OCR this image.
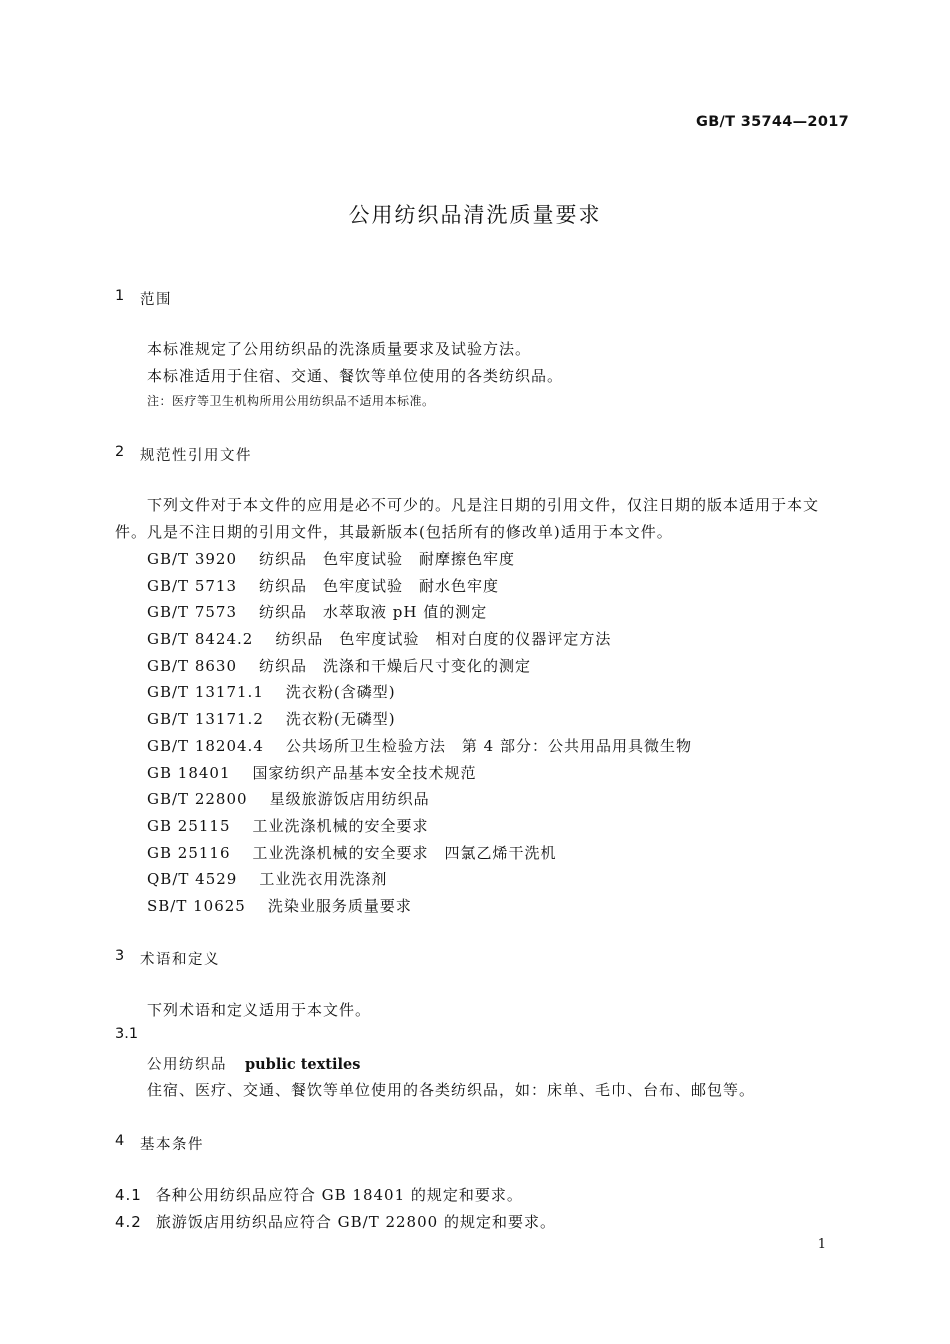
GB/T 35744—2017
公用纺织品清洗质量要求
1 范围
本标准规定了公用纺织品的洗涤质量要求及试验方法。
本标准适用于住宿、交通、餐饮等单位使用的各类纺织品。
注：医疗等卫生机构所用公用纺织品不适用本标准。
2 规范性引用文件
下列文件对于本文件的应用是必不可少的。凡是注日期的引用文件，仅注日期的版本适用于本文
件。凡是不注日期的引用文件，其最新版本(包括所有的修改单)适用于本文件。
GB/T 3920 纺织品　色牢度试验　耐摩擦色牢度
GB/T 5713 纺织品　色牢度试验　耐水色牢度
GB/T 7573 纺织品　水萃取液 pH 值的测定
GB/T 8424.2 纺织品　色牢度试验　相对白度的仪器评定方法
GB/T 8630 纺织品　洗涤和干燥后尺寸变化的测定
GB/T 13171.1 洗衣粉(含磷型)
GB/T 13171.2 洗衣粉(无磷型)
GB/T 18204.4 公共场所卫生检验方法　第 4 部分：公共用品用具微生物
GB 18401 国家纺织产品基本安全技术规范
GB/T 22800 星级旅游饭店用纺织品
GB 25115 工业洗涤机械的安全要求
GB 25116 工业洗涤机械的安全要求　四氯乙烯干洗机
QB/T 4529 工业洗衣用洗涤剂
SB/T 10625 洗染业服务质量要求
3 术语和定义
下列术语和定义适用于本文件。
3.1
公用纺织品 public textiles
住宿、医疗、交通、餐饮等单位使用的各类纺织品，如：床单、毛巾、台布、邮包等。
4 基本条件
4.1 各种公用纺织品应符合 GB 18401 的规定和要求。
4.2 旅游饭店用纺织品应符合 GB/T 22800 的规定和要求。
1
